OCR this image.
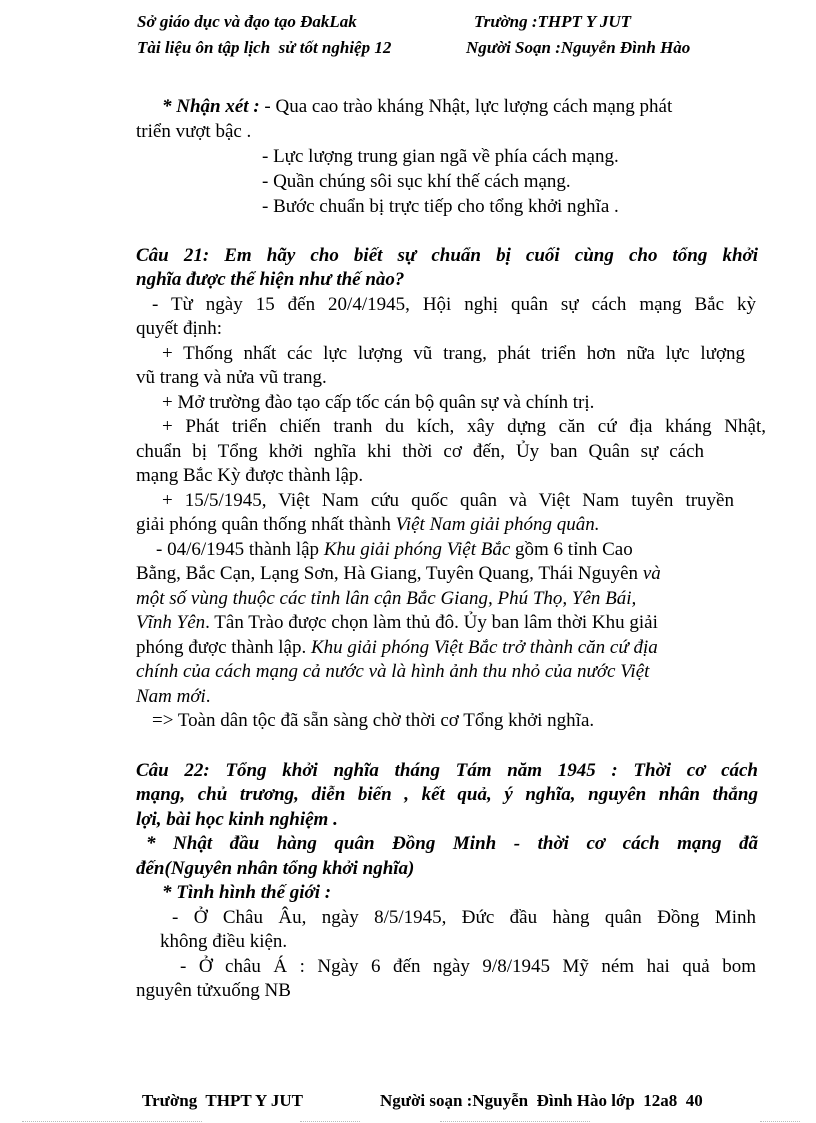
Sở giáo dục và đạo tạo ĐakLak	Trường :THPT Y JUT
Tài liệu ôn tập lịch  sử tốt nghiệp 12	Người Soạn :Nguyễn Đình Hào
* Nhận xét : - Qua cao trào kháng Nhật, lực lượng cách mạng phát
triển vượt bậc .
- Lực lượng trung gian ngã về phía cách mạng.
- Quần chúng sôi sục khí thế cách mạng.
- Bước chuẩn bị trực tiếp cho tổng khởi nghĩa .
Câu 21: Em hãy cho biết sự chuẩn bị cuối cùng cho tổng khởi
nghĩa được thể hiện như thế nào?
- Từ ngày 15 đến 20/4/1945, Hội nghị quân sự cách mạng Bắc kỳ
quyết định:
+ Thống nhất các lực lượng vũ trang, phát triển hơn nữa lực lượng
vũ trang và nửa vũ trang.
+ Mở trường đào tạo cấp tốc cán bộ quân sự và chính trị.
+ Phát triển chiến tranh du kích, xây dựng căn cứ địa kháng Nhật,
chuẩn bị Tổng khởi nghĩa khi thời cơ đến, Ủy ban Quân sự cách
mạng Bắc Kỳ được thành lập.
+ 15/5/1945, Việt Nam cứu quốc quân và Việt Nam tuyên truyền
giải phóng quân thống nhất thành Việt Nam giải phóng quân.
- 04/6/1945 thành lập Khu giải phóng Việt Bắc gồm 6 tỉnh Cao
Bằng, Bắc Cạn, Lạng Sơn, Hà Giang, Tuyên Quang, Thái Nguyên và
một số vùng thuộc các tỉnh lân cận Bắc Giang, Phú Thọ, Yên Bái,
Vĩnh Yên. Tân Trào được chọn làm thủ đô. Ủy ban lâm thời Khu giải
phóng được thành lập. Khu giải phóng Việt Bắc trở thành căn cứ địa
chính của cách mạng cả nước và là hình ảnh thu nhỏ của nước Việt
Nam mới.
=> Toàn dân tộc đã sẵn sàng chờ thời cơ Tổng khởi nghĩa.
Câu 22: Tổng khởi nghĩa tháng Tám năm 1945 : Thời cơ cách
mạng, chủ trương, diễn biến , kết quả, ý nghĩa, nguyên nhân thắng
lợi, bài học kinh nghiệm .
* Nhật đầu hàng quân Đồng Minh - thời cơ cách mạng đã
đến(Nguyên nhân tổng khởi nghĩa)
* Tình hình thế giới :
- Ở Châu Âu, ngày 8/5/1945, Đức đầu hàng quân Đồng Minh
không điều kiện.
- Ở châu Á : Ngày 6 đến ngày 9/8/1945 Mỹ ném hai quả bom
nguyên tửxuống NB
Trường  THPT Y JUT	Người soạn :Nguyễn  Đình Hào lớp  12a8  40
